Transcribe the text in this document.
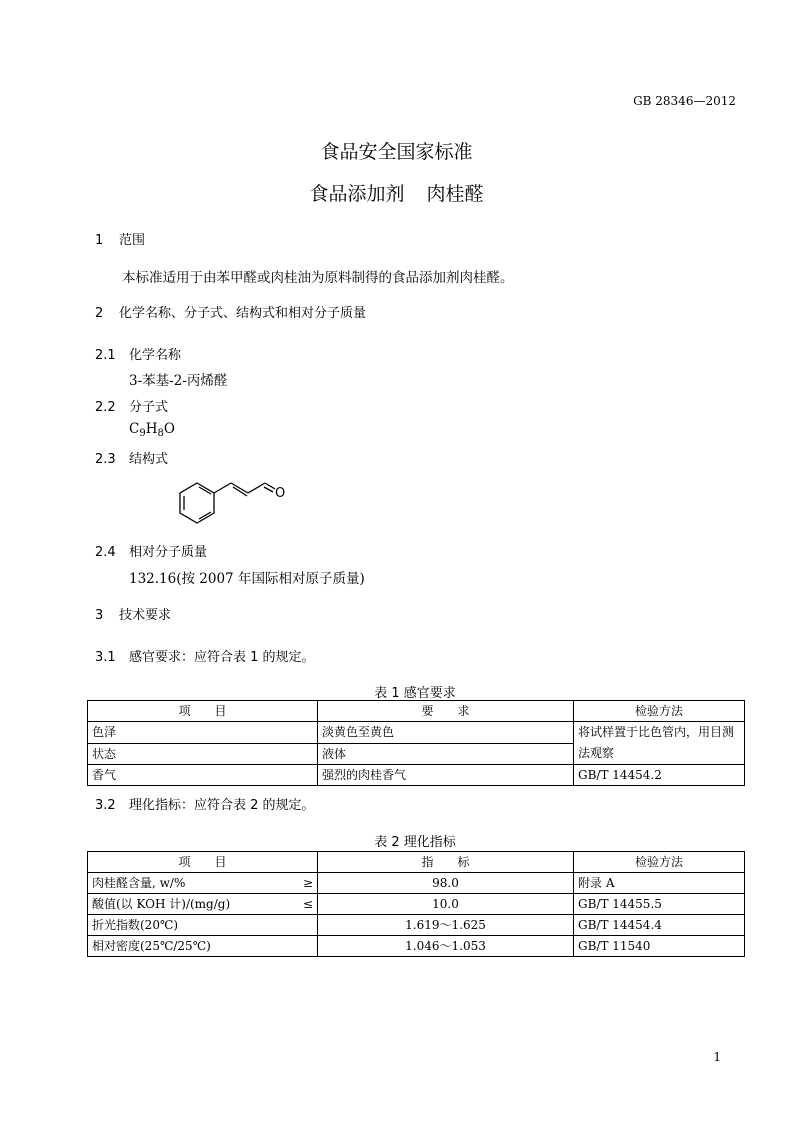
GB 28346—2012
食品安全国家标准
食品添加剂 肉桂醛
1 范围
本标准适用于由苯甲醛或肉桂油为原料制得的食品添加剂肉桂醛。
2 化学名称、分子式、结构式和相对分子质量
2.1 化学名称
3-苯基-2-丙烯醛
2.2 分子式
$C_9H_8O$
2.3 结构式
O
2.4 相对分子质量
132.16(按 2007 年国际相对原子质量)
3 技术要求
3.1 感官要求：应符合表 1 的规定。
表 1 感官要求
项　　目	要　　求	检验方法
色泽	淡黄色至黄色	将试样置于比色管内，用目测
法观察

状态	液体	
香气	强烈的肉桂香气	GB/T 14454.2
3.2 理化指标：应符合表 2 的规定。
表 2 理化指标
项　　目	指　　标	检验方法
肉桂醛含量, w/% ≥	98.0	附录 A
酸值(以 KOH 计)/(mg/g) ≤	10.0	GB/T 14455.5
折光指数(20℃)	1.619～1.625	GB/T 14454.4
相对密度(25℃/25℃)	1.046～1.053	GB/T 11540
1
